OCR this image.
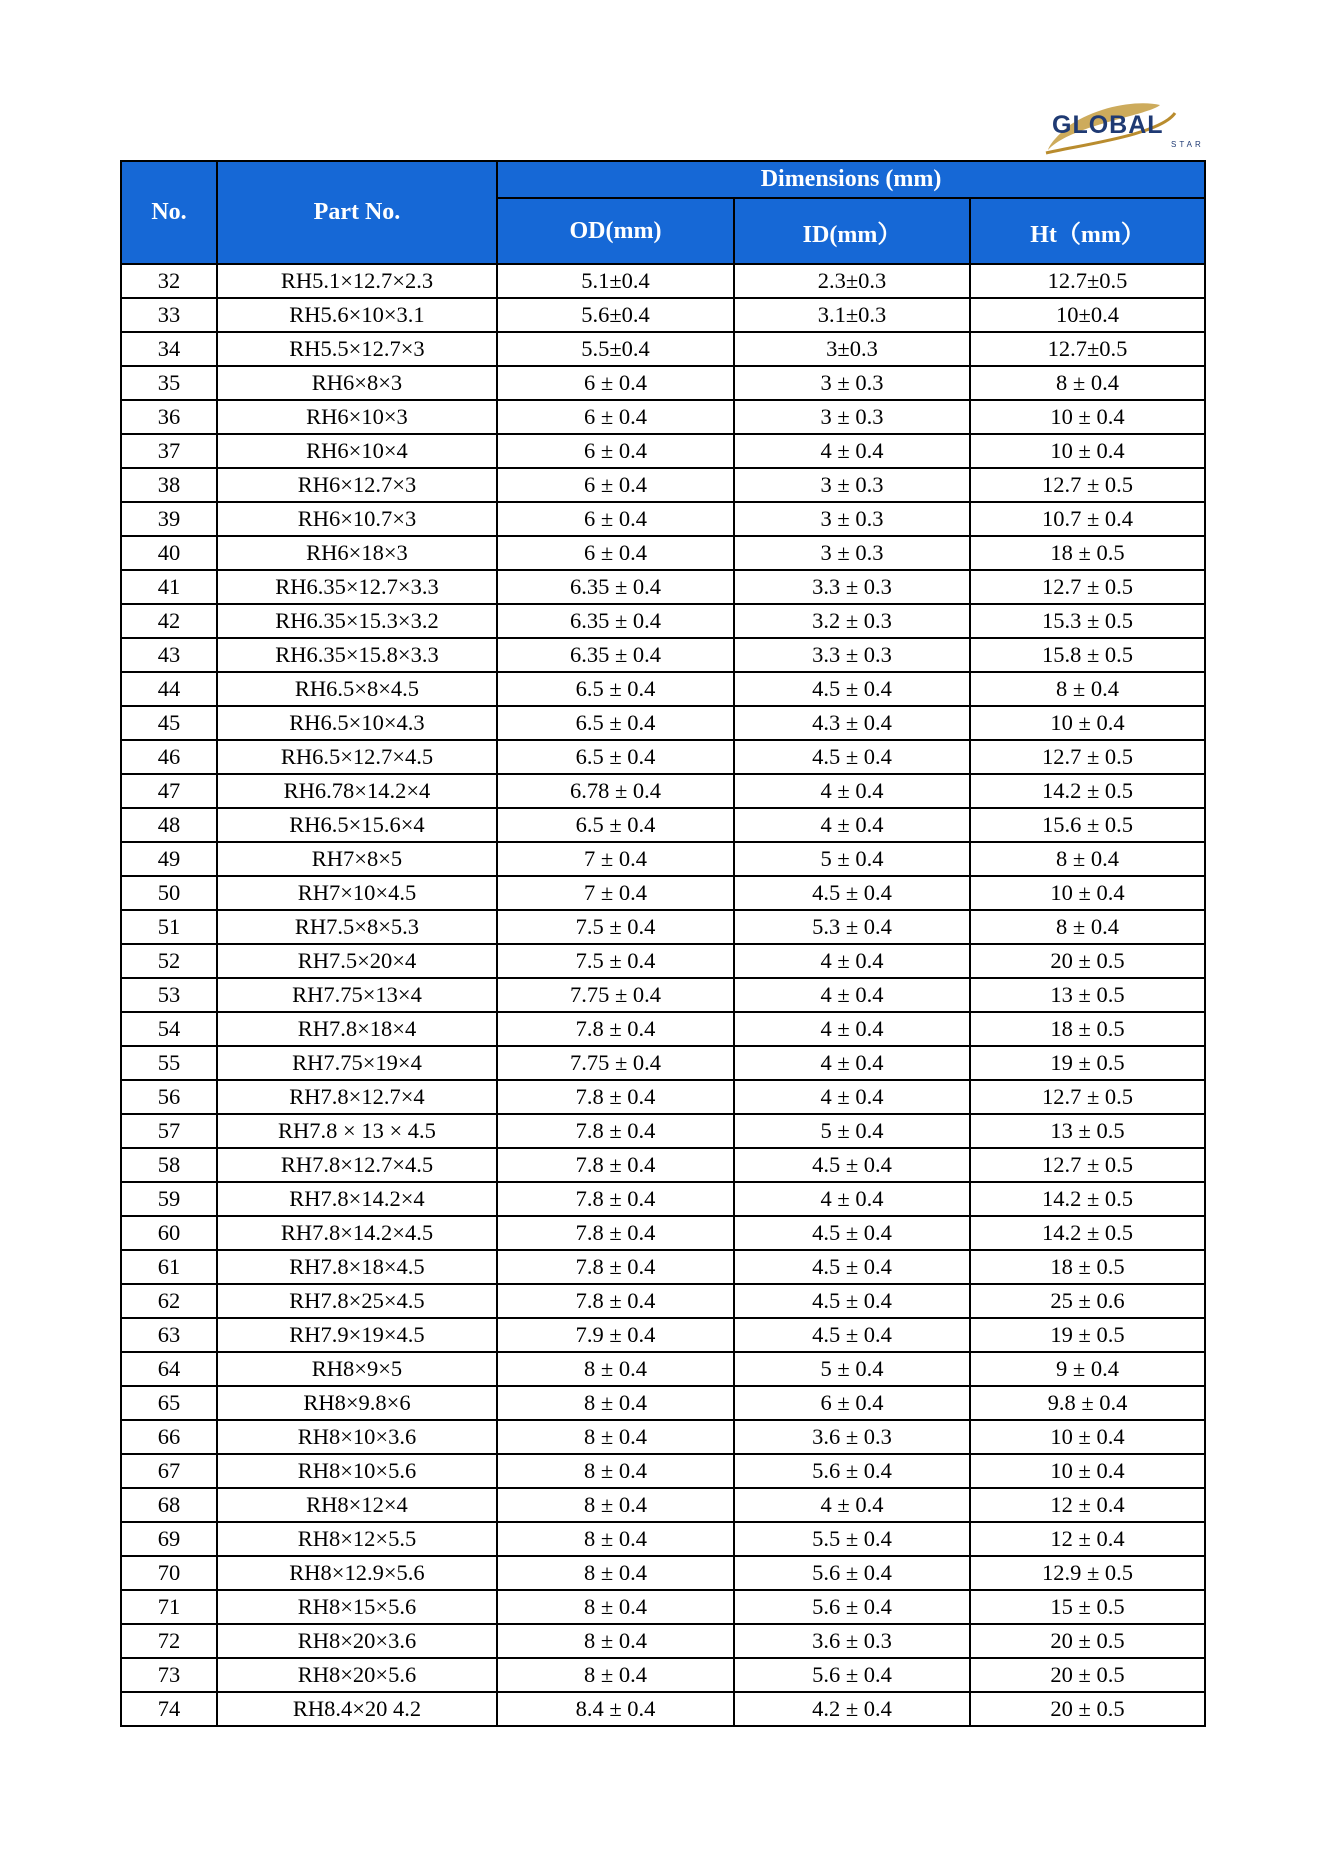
GLOBAL
STAR
No.	Part No.	Dimensions (mm)		
		OD(mm)	ID(mm）	Ht（mm）
32	RH5.1×12.7×2.3	5.1±0.4	2.3±0.3	12.7±0.5
33	RH5.6×10×3.1	5.6±0.4	3.1±0.3	10±0.4
34	RH5.5×12.7×3	5.5±0.4	3±0.3	12.7±0.5
35	RH6×8×3	6 ± 0.4	3 ± 0.3	8 ± 0.4
36	RH6×10×3	6 ± 0.4	3 ± 0.3	10 ± 0.4
37	RH6×10×4	6 ± 0.4	4 ± 0.4	10 ± 0.4
38	RH6×12.7×3	6 ± 0.4	3 ± 0.3	12.7 ± 0.5
39	RH6×10.7×3	6 ± 0.4	3 ± 0.3	10.7 ± 0.4
40	RH6×18×3	6 ± 0.4	3 ± 0.3	18 ± 0.5
41	RH6.35×12.7×3.3	6.35 ± 0.4	3.3 ± 0.3	12.7 ± 0.5
42	RH6.35×15.3×3.2	6.35 ± 0.4	3.2 ± 0.3	15.3 ± 0.5
43	RH6.35×15.8×3.3	6.35 ± 0.4	3.3 ± 0.3	15.8 ± 0.5
44	RH6.5×8×4.5	6.5 ± 0.4	4.5 ± 0.4	8 ± 0.4
45	RH6.5×10×4.3	6.5 ± 0.4	4.3 ± 0.4	10 ± 0.4
46	RH6.5×12.7×4.5	6.5 ± 0.4	4.5 ± 0.4	12.7 ± 0.5
47	RH6.78×14.2×4	6.78 ± 0.4	4 ± 0.4	14.2 ± 0.5
48	RH6.5×15.6×4	6.5 ± 0.4	4 ± 0.4	15.6 ± 0.5
49	RH7×8×5	7 ± 0.4	5 ± 0.4	8 ± 0.4
50	RH7×10×4.5	7 ± 0.4	4.5 ± 0.4	10 ± 0.4
51	RH7.5×8×5.3	7.5 ± 0.4	5.3 ± 0.4	8 ± 0.4
52	RH7.5×20×4	7.5 ± 0.4	4 ± 0.4	20 ± 0.5
53	RH7.75×13×4	7.75 ± 0.4	4 ± 0.4	13 ± 0.5
54	RH7.8×18×4	7.8 ± 0.4	4 ± 0.4	18 ± 0.5
55	RH7.75×19×4	7.75 ± 0.4	4 ± 0.4	19 ± 0.5
56	RH7.8×12.7×4	7.8 ± 0.4	4 ± 0.4	12.7 ± 0.5
57	RH7.8 × 13 × 4.5	7.8 ± 0.4	5 ± 0.4	13 ± 0.5
58	RH7.8×12.7×4.5	7.8 ± 0.4	4.5 ± 0.4	12.7 ± 0.5
59	RH7.8×14.2×4	7.8 ± 0.4	4 ± 0.4	14.2 ± 0.5
60	RH7.8×14.2×4.5	7.8 ± 0.4	4.5 ± 0.4	14.2 ± 0.5
61	RH7.8×18×4.5	7.8 ± 0.4	4.5 ± 0.4	18 ± 0.5
62	RH7.8×25×4.5	7.8 ± 0.4	4.5 ± 0.4	25 ± 0.6
63	RH7.9×19×4.5	7.9 ± 0.4	4.5 ± 0.4	19 ± 0.5
64	RH8×9×5	8 ± 0.4	5 ± 0.4	9 ± 0.4
65	RH8×9.8×6	8 ± 0.4	6 ± 0.4	9.8 ± 0.4
66	RH8×10×3.6	8 ± 0.4	3.6 ± 0.3	10 ± 0.4
67	RH8×10×5.6	8 ± 0.4	5.6 ± 0.4	10 ± 0.4
68	RH8×12×4	8 ± 0.4	4 ± 0.4	12 ± 0.4
69	RH8×12×5.5	8 ± 0.4	5.5 ± 0.4	12 ± 0.4
70	RH8×12.9×5.6	8 ± 0.4	5.6 ± 0.4	12.9 ± 0.5
71	RH8×15×5.6	8 ± 0.4	5.6 ± 0.4	15 ± 0.5
72	RH8×20×3.6	8 ± 0.4	3.6 ± 0.3	20 ± 0.5
73	RH8×20×5.6	8 ± 0.4	5.6 ± 0.4	20 ± 0.5
74	RH8.4×20 4.2	8.4 ± 0.4	4.2 ± 0.4	20 ± 0.5
